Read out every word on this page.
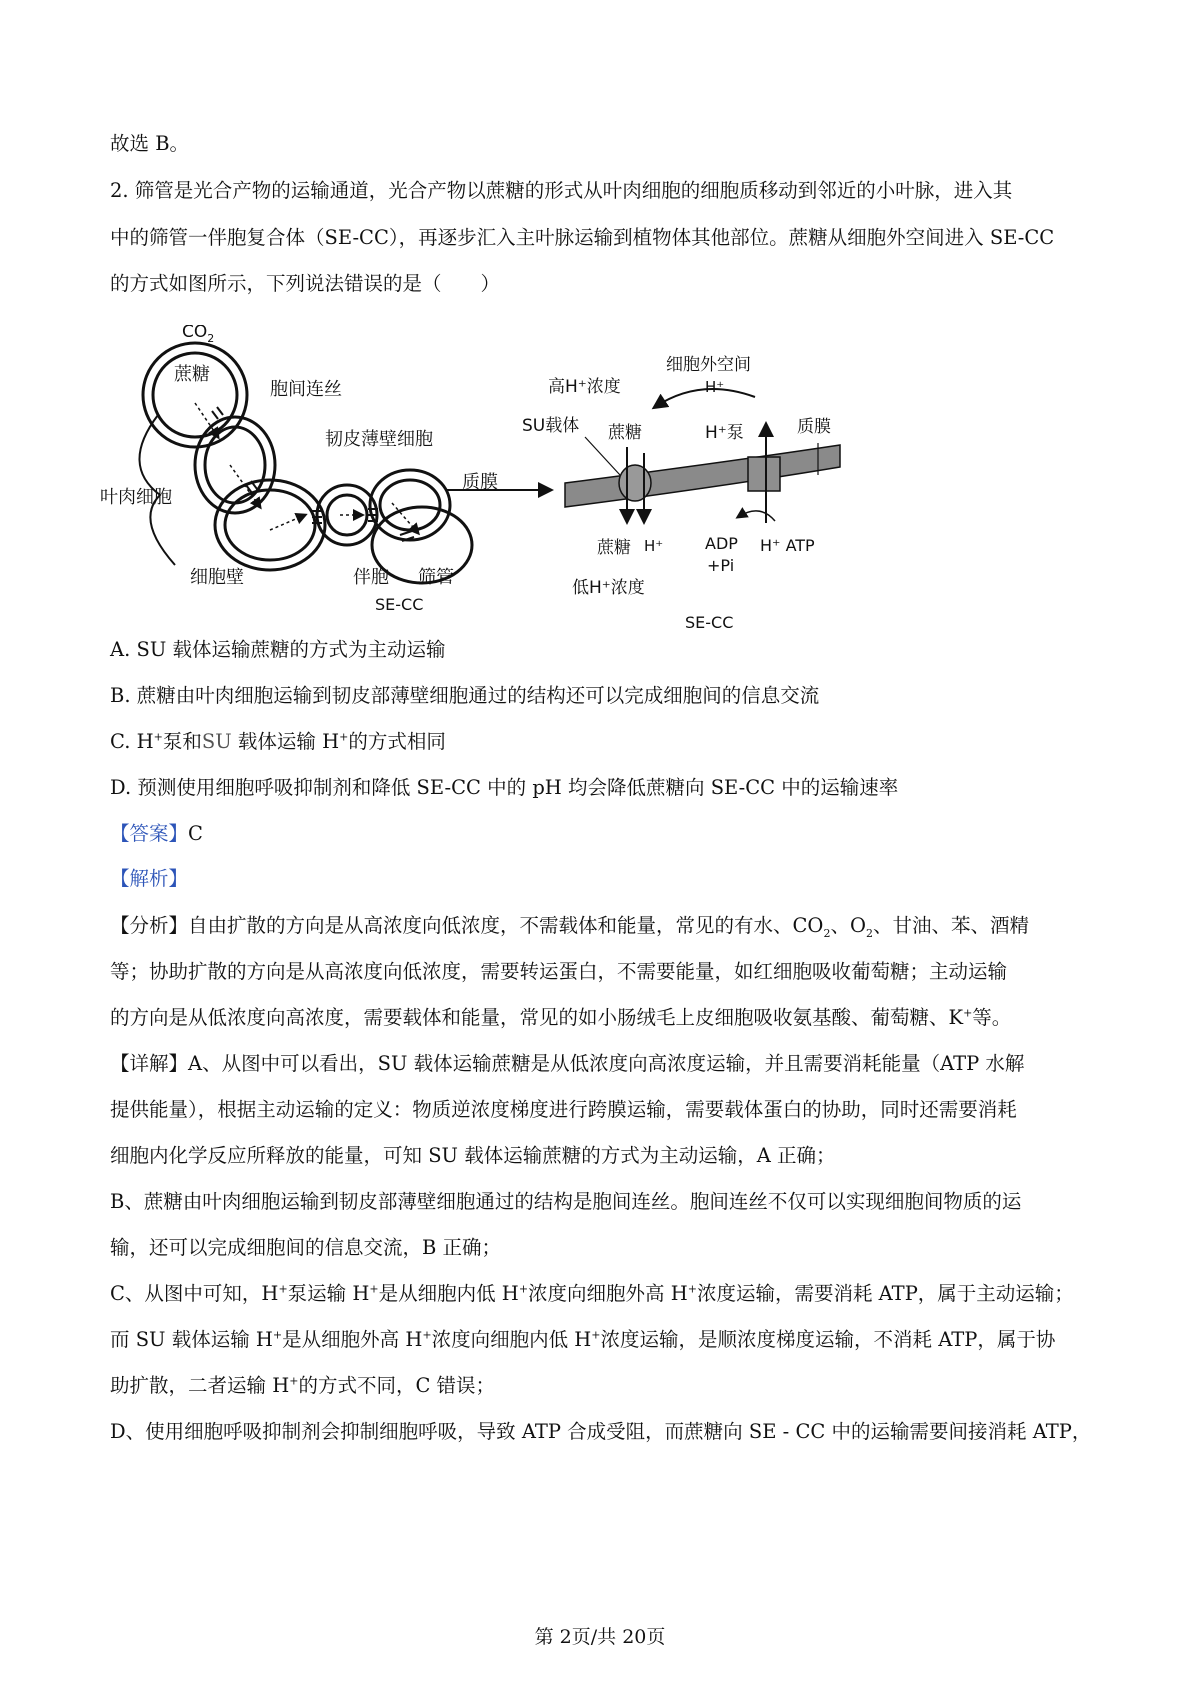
故选 B。
2. 筛管是光合产物的运输通道，光合产物以蔗糖的形式从叶肉细胞的细胞质移动到邻近的小叶脉，进入其
中的筛管一伴胞复合体（SE-CC），再逐步汇入主叶脉运输到植物体其他部位。蔗糖从细胞外空间进入 SE-CC
的方式如图所示，下列说法错误的是（　　）
$CO_2$
蔗糖
胞间连丝
韧皮薄壁细胞
质膜
叶肉细胞
细胞壁	伴胞 筛管
SE-CC
高H⁺浓度
细胞外空间
H⁺
蔗糖	H⁺泵	质膜
SU载体
蔗糖 H⁺	ADP
+Pi
H⁺ ATP
低H⁺浓度
SE-CC
A. SU 载体运输蔗糖的方式为主动运输
B. 蔗糖由叶肉细胞运输到韧皮部薄壁细胞通过的结构还可以完成细胞间的信息交流
C. H+泵和SU 载体运输 H+的方式相同
D. 预测使用细胞呼吸抑制剂和降低 SE-CC 中的 pH 均会降低蔗糖向 SE-CC 中的运输速率
【答案】C
【解析】
【分析】自由扩散的方向是从高浓度向低浓度，不需载体和能量，常见的有水、$CO_2$、$O_2$、甘油、苯、酒精
等；协助扩散的方向是从高浓度向低浓度，需要转运蛋白，不需要能量，如红细胞吸收葡萄糖；主动运输
的方向是从低浓度向高浓度，需要载体和能量，常见的如小肠绒毛上皮细胞吸收氨基酸、葡萄糖、K+等。
【详解】A、从图中可以看出，SU 载体运输蔗糖是从低浓度向高浓度运输，并且需要消耗能量（ATP 水解
提供能量），根据主动运输的定义：物质逆浓度梯度进行跨膜运输，需要载体蛋白的协助，同时还需要消耗
细胞内化学反应所释放的能量，可知 SU 载体运输蔗糖的方式为主动运输，A 正确；
B、蔗糖由叶肉细胞运输到韧皮部薄壁细胞通过的结构是胞间连丝。胞间连丝不仅可以实现细胞间物质的运
输，还可以完成细胞间的信息交流，B 正确；
C、从图中可知，H+泵运输 H+是从细胞内低 H+浓度向细胞外高 H+浓度运输，需要消耗 ATP，属于主动运输；
而 SU 载体运输 H+是从细胞外高 H+浓度向细胞内低 H+浓度运输，是顺浓度梯度运输，不消耗 ATP，属于协
助扩散，二者运输 H+的方式不同，C 错误；
D、使用细胞呼吸抑制剂会抑制细胞呼吸，导致 ATP 合成受阻，而蔗糖向 SE - CC 中的运输需要间接消耗 ATP，
第 2页/共 20页
